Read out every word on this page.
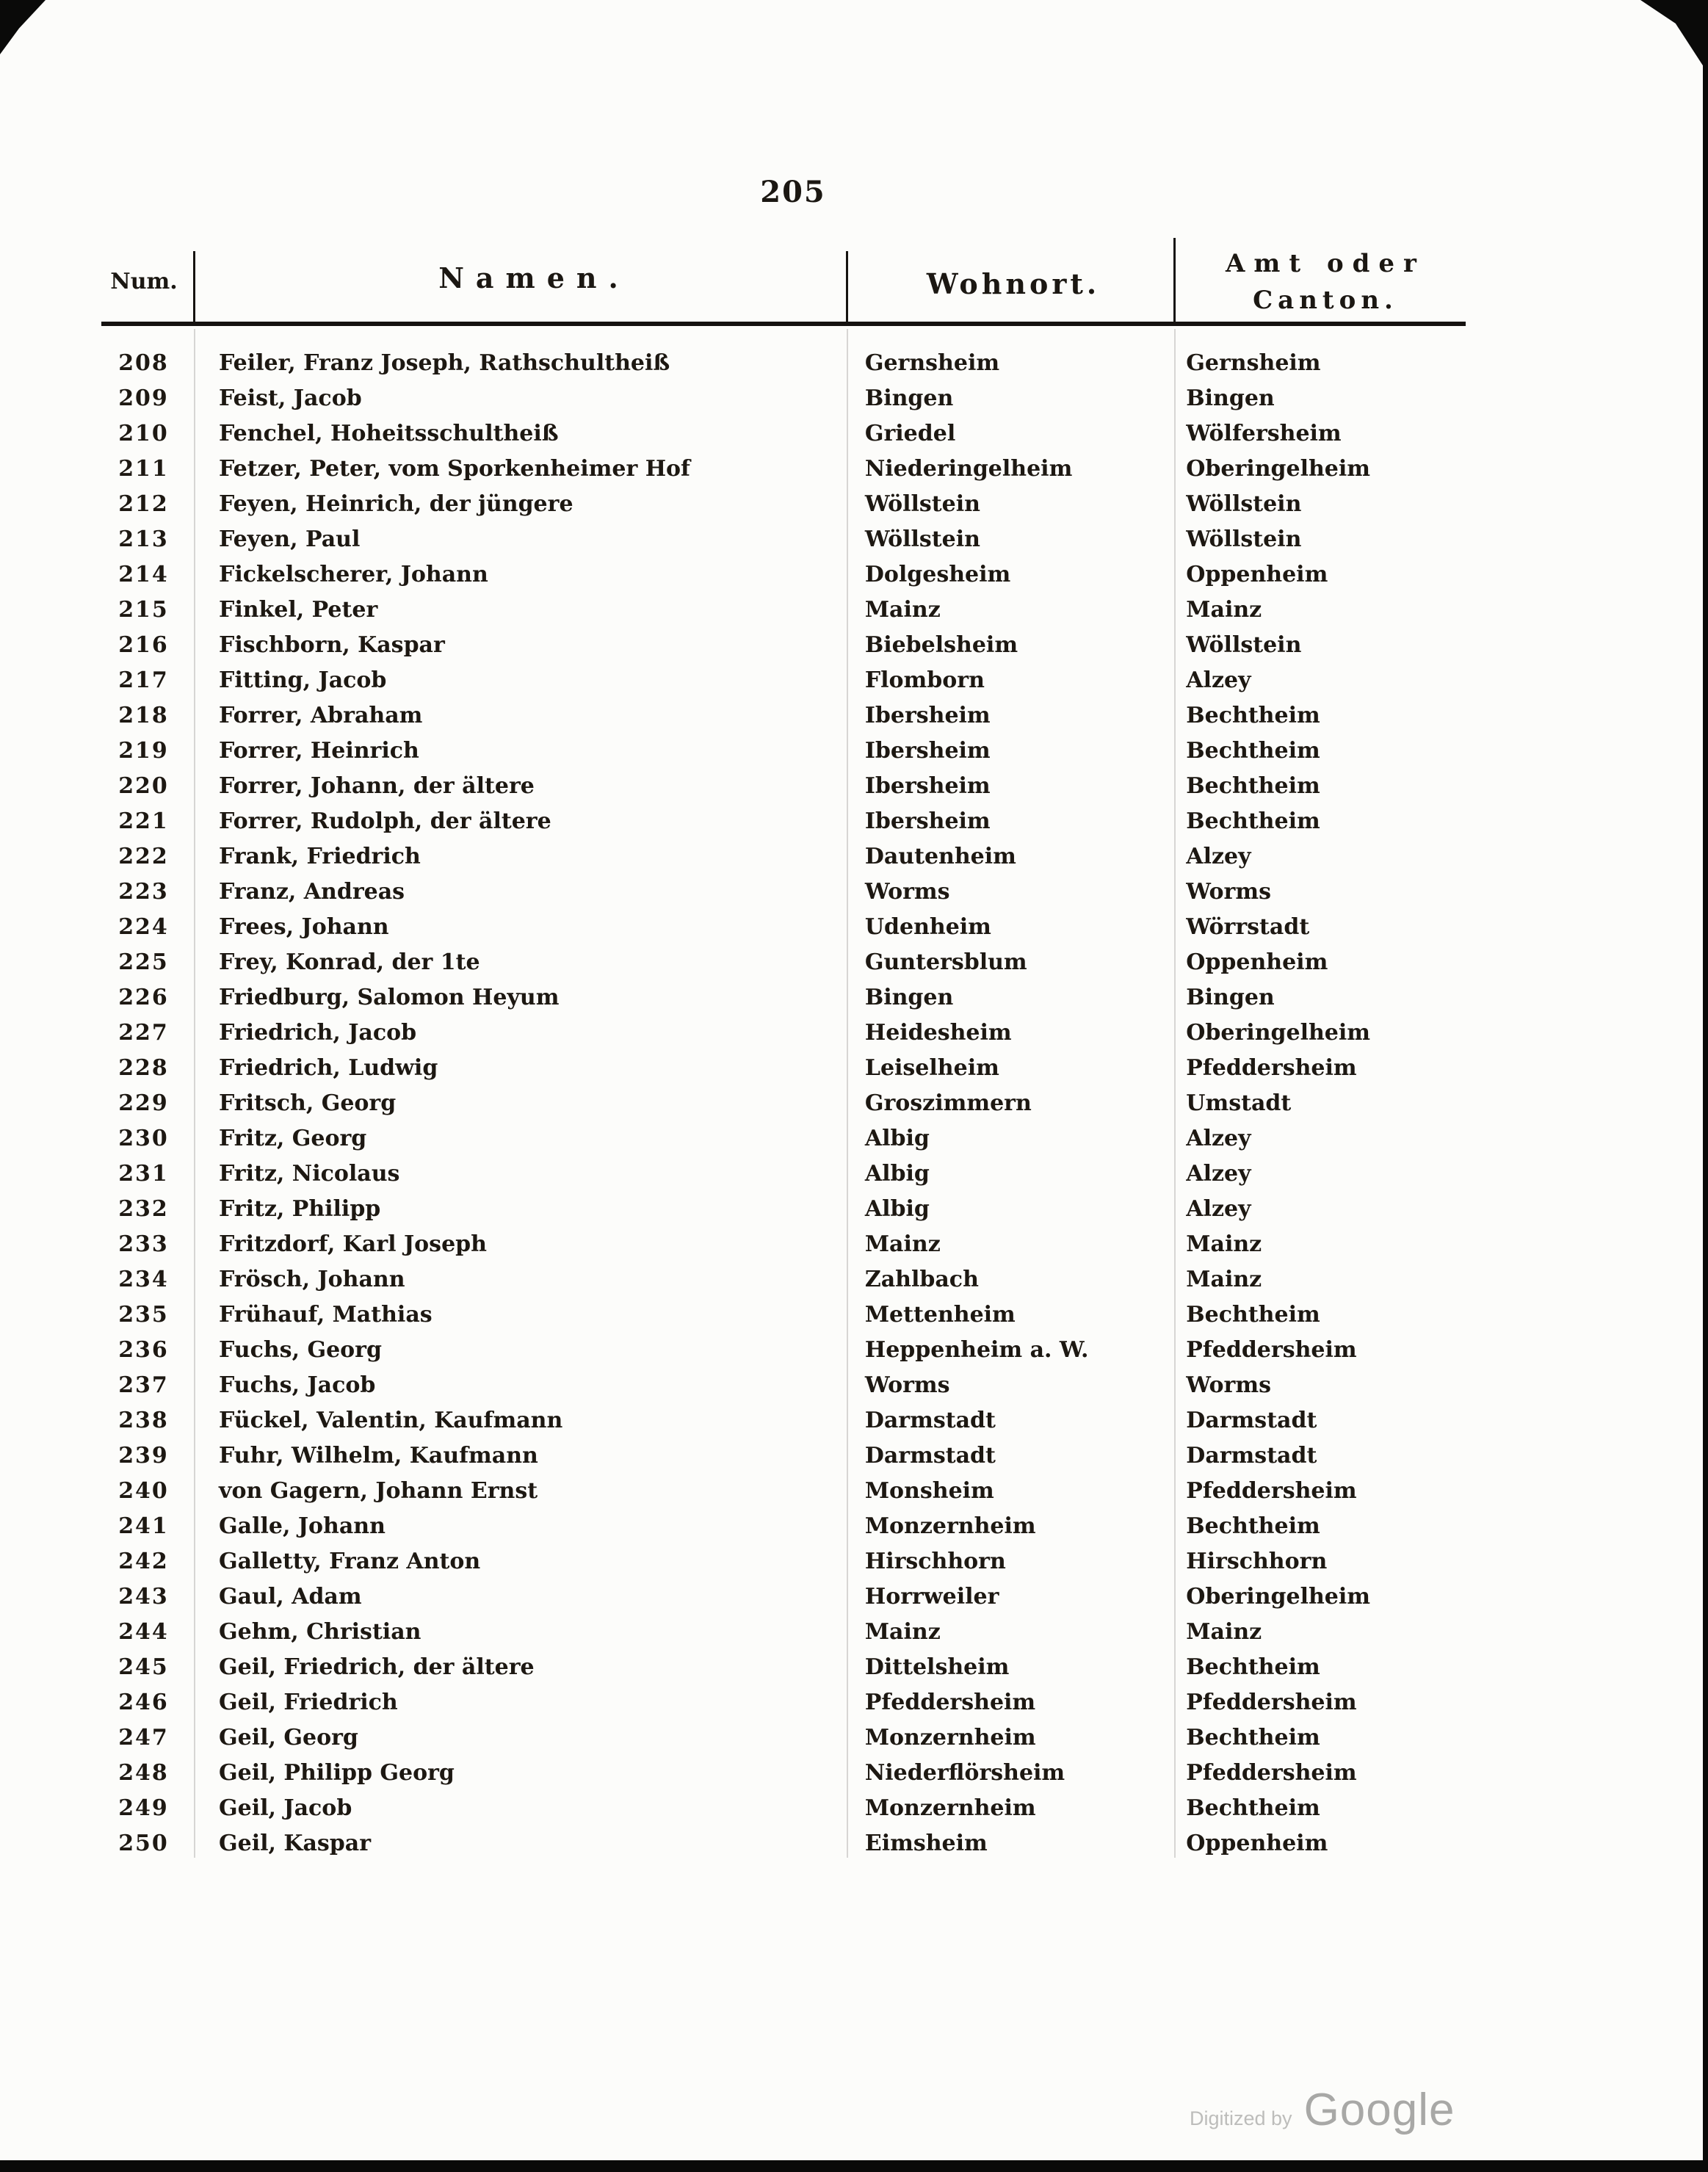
205
Num.	Namen.	Wohnort.
Amt oder
Canton.
208	Feiler, Franz Joseph, Rathschultheiß	Gernsheim	Gernsheim
209	Feist, Jacob	Bingen	Bingen
210	Fenchel, Hoheitsschultheiß	Griedel	Wölfersheim
211	Fetzer, Peter, vom Sporkenheimer Hof	Niederingelheim	Oberingelheim
212	Feyen, Heinrich, der jüngere	Wöllstein	Wöllstein
213	Feyen, Paul	Wöllstein	Wöllstein
214	Fickelscherer, Johann	Dolgesheim	Oppenheim
215	Finkel, Peter	Mainz	Mainz
216	Fischborn, Kaspar	Biebelsheim	Wöllstein
217	Fitting, Jacob	Flomborn	Alzey
218	Forrer, Abraham	Ibersheim	Bechtheim
219	Forrer, Heinrich	Ibersheim	Bechtheim
220	Forrer, Johann, der ältere	Ibersheim	Bechtheim
221	Forrer, Rudolph, der ältere	Ibersheim	Bechtheim
222	Frank, Friedrich	Dautenheim	Alzey
223	Franz, Andreas	Worms	Worms
224	Frees, Johann	Udenheim	Wörrstadt
225	Frey, Konrad, der 1te	Guntersblum	Oppenheim
226	Friedburg, Salomon Heyum	Bingen	Bingen
227	Friedrich, Jacob	Heidesheim	Oberingelheim
228	Friedrich, Ludwig	Leiselheim	Pfeddersheim
229	Fritsch, Georg	Groszimmern	Umstadt
230	Fritz, Georg	Albig	Alzey
231	Fritz, Nicolaus	Albig	Alzey
232	Fritz, Philipp	Albig	Alzey
233	Fritzdorf, Karl Joseph	Mainz	Mainz
234	Frösch, Johann	Zahlbach	Mainz
235	Frühauf, Mathias	Mettenheim	Bechtheim
236	Fuchs, Georg	Heppenheim a. W.	Pfeddersheim
237	Fuchs, Jacob	Worms	Worms
238	Fückel, Valentin, Kaufmann	Darmstadt	Darmstadt
239	Fuhr, Wilhelm, Kaufmann	Darmstadt	Darmstadt
240	von Gagern, Johann Ernst	Monsheim	Pfeddersheim
241	Galle, Johann	Monzernheim	Bechtheim
242	Galletty, Franz Anton	Hirschhorn	Hirschhorn
243	Gaul, Adam	Horrweiler	Oberingelheim
244	Gehm, Christian	Mainz	Mainz
245	Geil, Friedrich, der ältere	Dittelsheim	Bechtheim
246	Geil, Friedrich	Pfeddersheim	Pfeddersheim
247	Geil, Georg	Monzernheim	Bechtheim
248	Geil, Philipp Georg	Niederflörsheim	Pfeddersheim
249	Geil, Jacob	Monzernheim	Bechtheim
250	Geil, Kaspar	Eimsheim	Oppenheim
Digitized by Google
